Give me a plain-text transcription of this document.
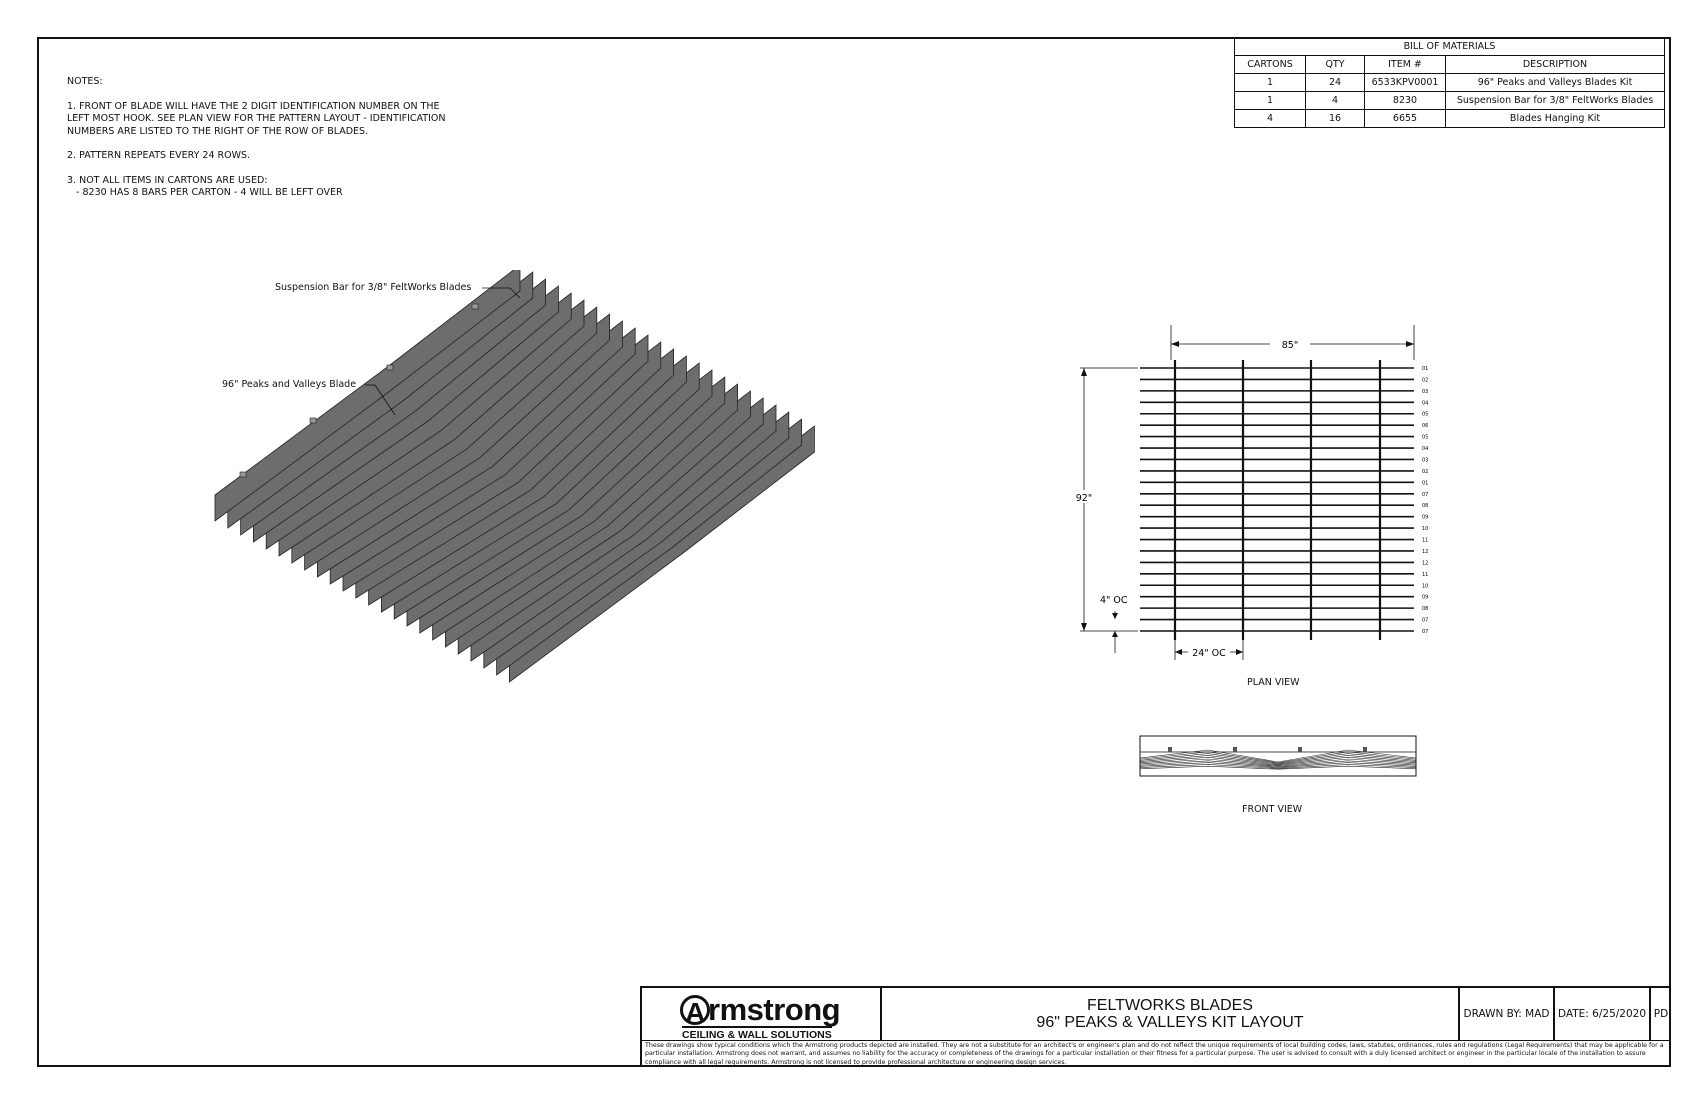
NOTES:
1. FRONT OF BLADE WILL HAVE THE 2 DIGIT IDENTIFICATION NUMBER ON THE
LEFT MOST HOOK. SEE PLAN VIEW FOR THE PATTERN LAYOUT - IDENTIFICATION
NUMBERS ARE LISTED TO THE RIGHT OF THE ROW OF BLADES.
2. PATTERN REPEATS EVERY 24 ROWS.
3. NOT ALL ITEMS IN CARTONS ARE USED:
- 8230 HAS 8 BARS PER CARTON - 4 WILL BE LEFT OVER
BILL OF MATERIALS			
CARTONS	QTY	ITEM #	DESCRIPTION
1	24	6533KPV0001	96" Peaks and Valleys Blades Kit
1	4	8230	Suspension Bar for 3/8" FeltWorks Blades
4	16	6655	Blades Hanging Kit
Suspension Bar for 3/8" FeltWorks Blades
96" Peaks and Valleys Blade
85"
92"
4" OC
24" OC
01
02
03
04
05
06
05
04
03
02
01
07
08
09
10
11
12
12
11
10
09
08
07
07
PLAN VIEW
FRONT VIEW
A rmstrong
CEILING & WALL SOLUTIONS
FELTWORKS BLADES
96" PEAKS & VALLEYS KIT LAYOUT	DRAWN BY: MAD DATE: 6/25/2020 PD
These drawings show typical conditions which the Armstrong products depicted are installed. They are not a substitute for an architect's or engineer's plan and do not reflect the unique requirements of local building codes, laws, statutes, ordinances, rules and regulations (Legal Requirements) that may be applicable for a particular installation. Armstrong does not warrant, and assumes no liability for the accuracy or completeness of the drawings for a particular installation or their fitness for a particular purpose. The user is advised to consult with a duly licensed architect or engineer in the particular locale of the installation to assure compliance with all legal requirements. Armstrong is not licensed to provide professional architecture or engineering design services.
